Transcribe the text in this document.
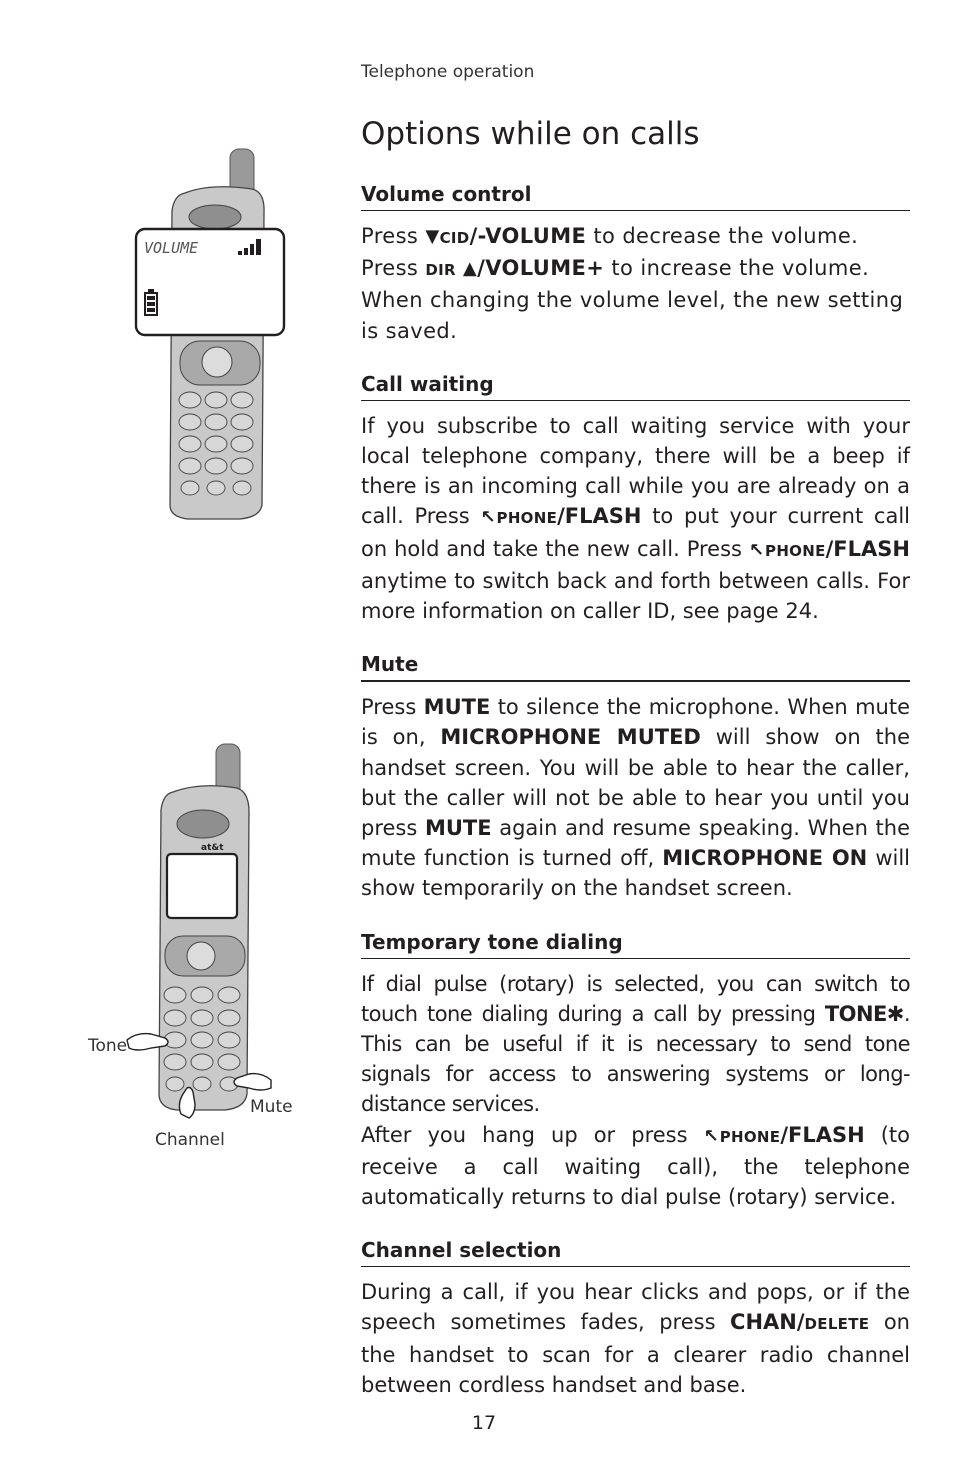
Telephone operation
Options while on calls
VOLUME
at&t
Tone
Mute
Channel
Volume control

Press ▼CID/-VOLUME to decrease the volume.
Press DIR ▲/VOLUME+ to increase the volume.
When changing the volume level, the new setting is saved.

Call waiting

If you subscribe to call waiting service with your local telephone company, there will be a beep if there is an incoming call while you are already on a call. Press ↖PHONE/FLASH to put your current call on hold and take the new call. Press ↖PHONE/FLASH anytime to switch back and forth between calls. For more information on caller ID, see page 24.

Mute

Press MUTE to silence the microphone. When mute is on, MICROPHONE MUTED will show on the handset screen. You will be able to hear the caller, but the caller will not be able to hear you until you press MUTE again and resume speaking. When the mute function is turned off, MICROPHONE ON will show temporarily on the handset screen.

Temporary tone dialing

If dial pulse (rotary) is selected, you can switch to touch tone dialing during a call by pressing TONE✱. This can be useful if it is necessary to send tone signals for access to answering systems or long-distance services.

After you hang up or press ↖PHONE/FLASH (to receive a call waiting call), the telephone automatically returns to dial pulse (rotary) service.

Channel selection

During a call, if you hear clicks and pops, or if the speech sometimes fades, press CHAN/DELETE on the handset to scan for a clearer radio channel between cordless handset and base.

17
